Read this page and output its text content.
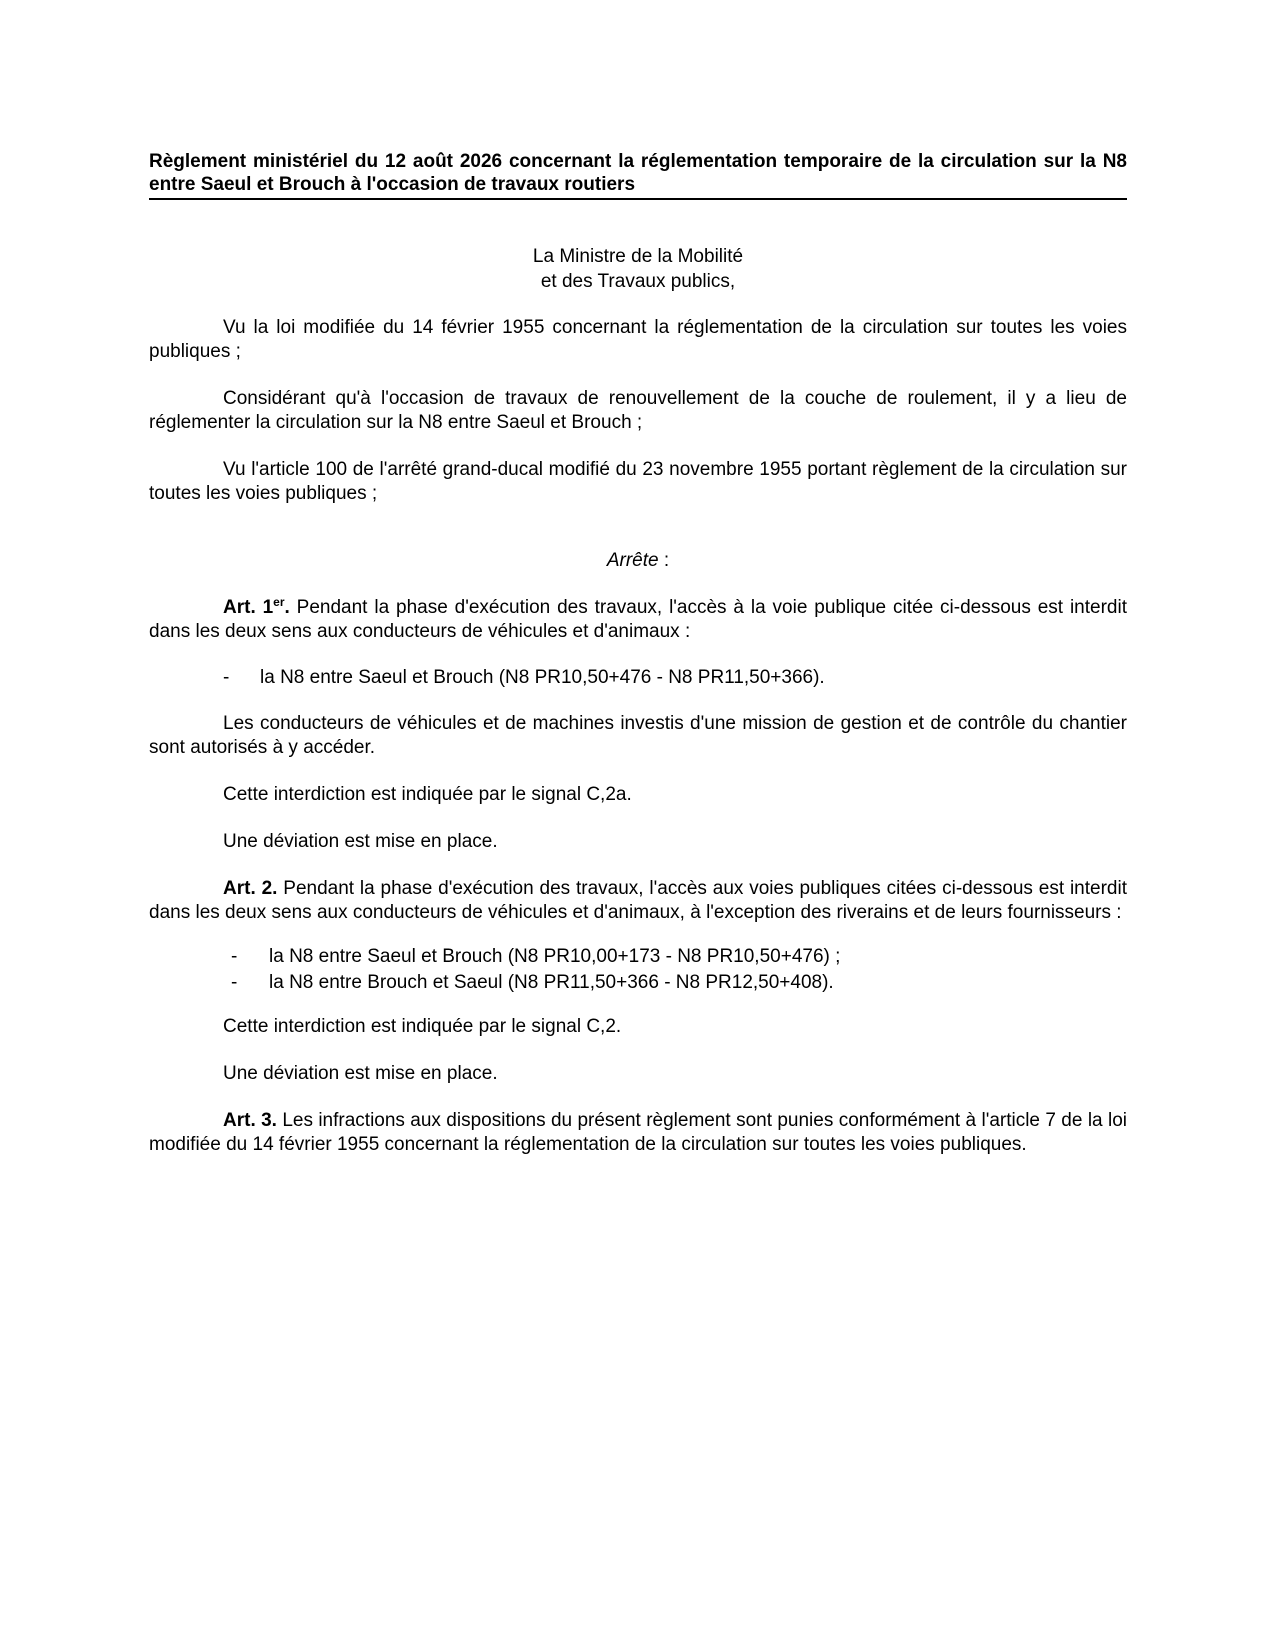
Règlement ministériel du 12 août 2026 concernant la réglementation temporaire de la circulation sur la N8 entre Saeul et Brouch à l'occasion de travaux routiers
La Ministre de la Mobilité
et des Travaux publics,

Vu la loi modifiée du 14 février 1955 concernant la réglementation de la circulation sur toutes les voies publiques ;

Considérant qu'à l'occasion de travaux de renouvellement de la couche de roulement, il y a lieu de réglementer la circulation sur la N8 entre Saeul et Brouch ;

Vu l'article 100 de l'arrêté grand-ducal modifié du 23 novembre 1955 portant règlement de la circulation sur toutes les voies publiques ;

Arrête :

Art. 1er. Pendant la phase d'exécution des travaux, l'accès à la voie publique citée ci-dessous est interdit dans les deux sens aux conducteurs de véhicules et d'animaux :

- la N8 entre Saeul et Brouch (N8 PR10,50+476 - N8 PR11,50+366).

Les conducteurs de véhicules et de machines investis d'une mission de gestion et de contrôle du chantier sont autorisés à y accéder.

Cette interdiction est indiquée par le signal C,2a.

Une déviation est mise en place.

Art. 2. Pendant la phase d'exécution des travaux, l'accès aux voies publiques citées ci-dessous est interdit dans les deux sens aux conducteurs de véhicules et d'animaux, à l'exception des riverains et de leurs fournisseurs :

- la N8 entre Saeul et Brouch (N8 PR10,00+173 - N8 PR10,50+476) ;
- la N8 entre Brouch et Saeul (N8 PR11,50+366 - N8 PR12,50+408).

Cette interdiction est indiquée par le signal C,2.

Une déviation est mise en place.

Art. 3. Les infractions aux dispositions du présent règlement sont punies conformément à l'article 7 de la loi modifiée du 14 février 1955 concernant la réglementation de la circulation sur toutes les voies publiques.
